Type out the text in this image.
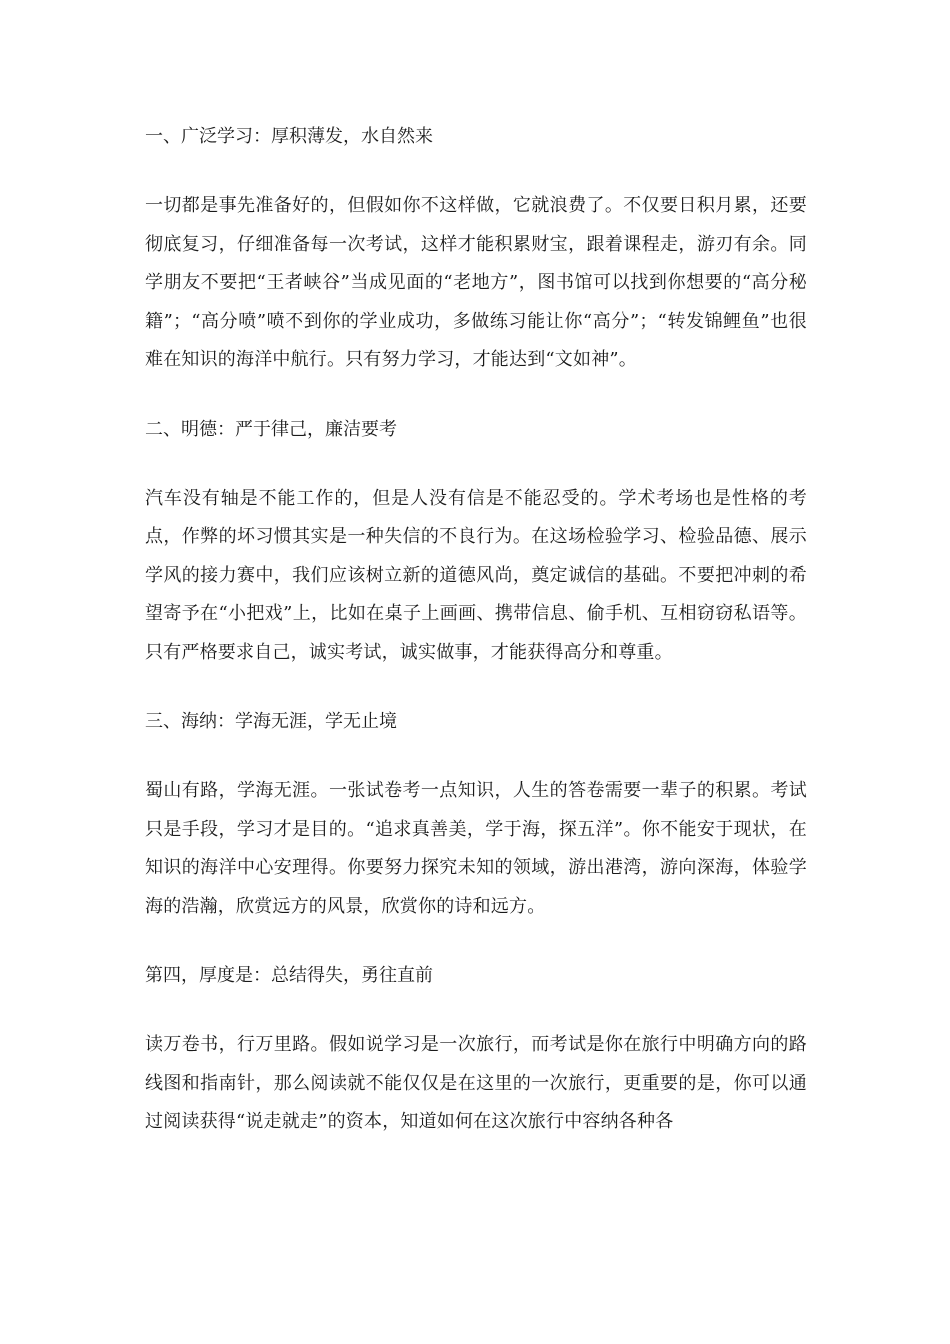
一、广泛学习：厚积薄发，水自然来

一切都是事先准备好的，但假如你不这样做，它就浪费了。不仅要日积月累，还要彻底复习，仔细准备每一次考试，这样才能积累财宝，跟着课程走，游刃有余。同学朋友不要把“王者峡谷”当成见面的“老地方”，图书馆可以找到你想要的“高分秘籍”；“高分喷”喷不到你的学业成功，多做练习能让你“高分”；“转发锦鲤鱼”也很难在知识的海洋中航行。只有努力学习，才能达到“文如神”。

二、明德：严于律己，廉洁要考

汽车没有轴是不能工作的，但是人没有信是不能忍受的。学术考场也是性格的考点，作弊的坏习惯其实是一种失信的不良行为。在这场检验学习、检验品德、展示学风的接力赛中，我们应该树立新的道德风尚，奠定诚信的基础。不要把冲刺的希望寄予在“小把戏”上，比如在桌子上画画、携带信息、偷手机、互相窃窃私语等。只有严格要求自己，诚实考试，诚实做事，才能获得高分和尊重。

三、海纳：学海无涯，学无止境

蜀山有路，学海无涯。一张试卷考一点知识，人生的答卷需要一辈子的积累。考试只是手段，学习才是目的。“追求真善美，学于海，探五洋”。你不能安于现状，在知识的海洋中心安理得。你要努力探究未知的领域，游出港湾，游向深海，体验学海的浩瀚，欣赏远方的风景，欣赏你的诗和远方。

第四，厚度是：总结得失，勇往直前

读万卷书，行万里路。假如说学习是一次旅行，而考试是你在旅行中明确方向的路线图和指南针，那么阅读就不能仅仅是在这里的一次旅行，更重要的是，你可以通过阅读获得“说走就走”的资本，知道如何在这次旅行中容纳各种各
